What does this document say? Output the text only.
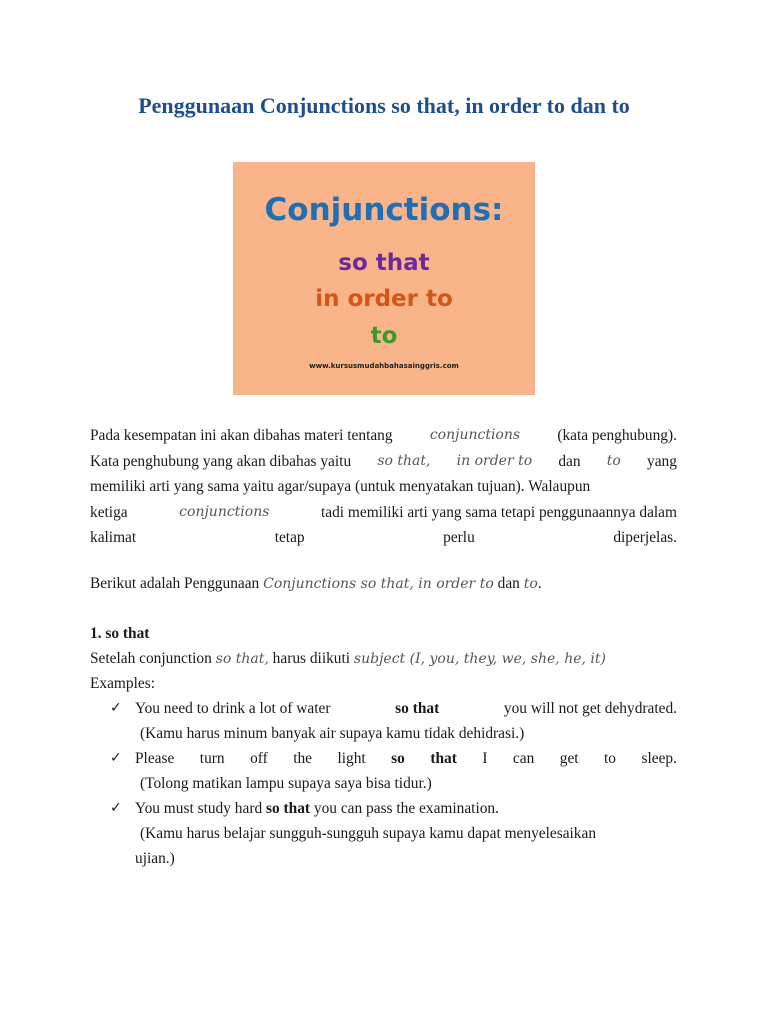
Penggunaan Conjunctions so that, in order to dan to
Conjunctions:
so that
in order to
to
www.kursusmudahbahasainggris.com
Pada kesempatan ini akan dibahas materi tentang	conjunctions (kata penghubung).
Kata penghubung yang akan dibahas yaitu so that, in order to dan to yang
memiliki arti yang sama yaitu agar/supaya (untuk menyatakan tujuan). Walaupun
ketiga	conjunctions	tadi memiliki arti yang sama tetapi penggunaannya dalam
kalimat	tetap	perlu	diperjelas.
Berikut adalah Penggunaan Conjunctions so that, in order to dan to.
1. so that
Setelah conjunction so that, harus diikuti subject (I, you, they, we, she, he, it)
Examples:
✓ You need to drink a lot of water	so that	you will not get dehydrated.
(Kamu harus minum banyak air supaya kamu tidak dehidrasi.)
✓ Please turn off the light so that I can get to sleep.
(Tolong matikan lampu supaya saya bisa tidur.)
✓ You must study hard so that you can pass the examination.
(Kamu harus belajar sungguh-sungguh supaya kamu dapat menyelesaikan
ujian.)
